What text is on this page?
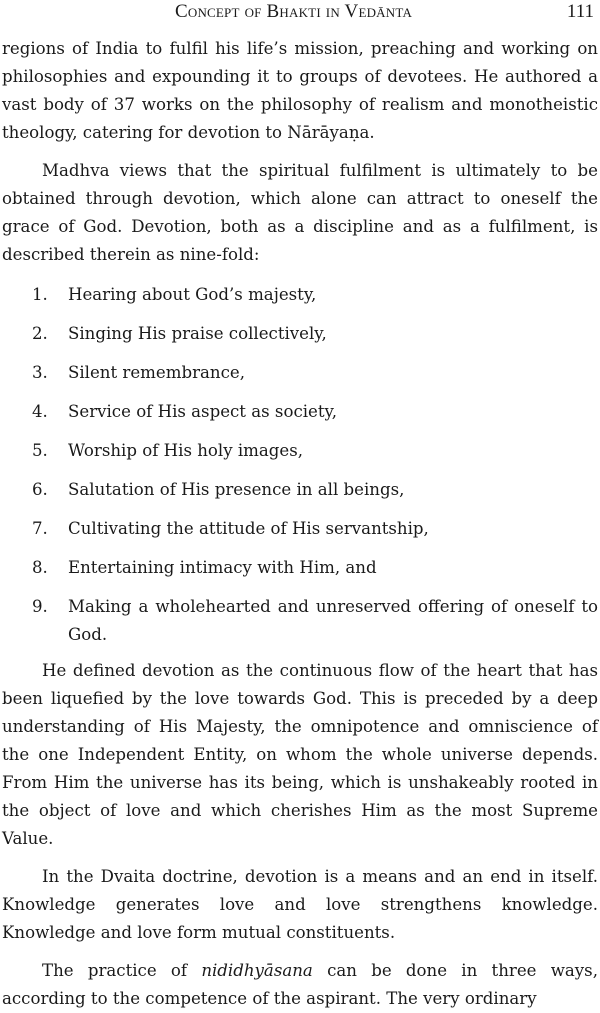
Concept of Bhakti in Vedānta	111

regions of India to fulfil his life’s mission, preaching and working on philosophies and expounding it to groups of devotees. He authored a vast body of 37 works on the philosophy of realism and monotheistic theology, catering for devotion to Nārāyaṇa.

Madhva views that the spiritual fulfilment is ultimately to be obtained through devotion, which alone can attract to oneself the grace of God. Devotion, both as a discipline and as a fulfilment, is described therein as nine-fold:

1. Hearing about God’s majesty,
2. Singing His praise collectively,
3. Silent remembrance,
4. Service of His aspect as society,
5. Worship of His holy images,
6. Salutation of His presence in all beings,
7. Cultivating the attitude of His servantship,
8. Entertaining intimacy with Him, and
9. Making a wholehearted and unreserved offering of oneself to God.

He defined devotion as the continuous flow of the heart that has been liquefied by the love towards God. This is preceded by a deep understanding of His Majesty, the omnipotence and omniscience of the one Independent Entity, on whom the whole universe depends. From Him the universe has its being, which is unshakeably rooted in the object of love and which cherishes Him as the most Supreme Value.

In the Dvaita doctrine, devotion is a means and an end in itself. Knowledge generates love and love strengthens knowledge. Knowledge and love form mutual constituents.

The practice of nididhyāsana can be done in three ways, according to the competence of the aspirant. The very ordinary
